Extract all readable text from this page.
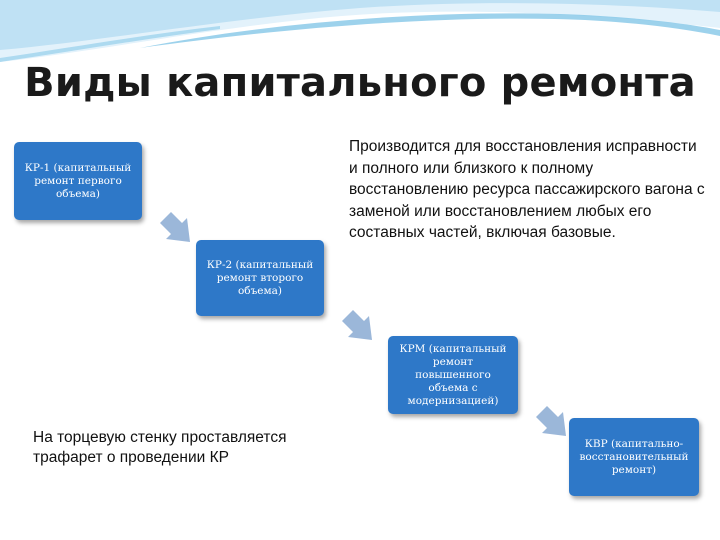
Виды капитального ремонта
КР-1 (капитальный ремонт первого объема)
КР-2 (капитальный ремонт второго объема)
КРМ (капитальный ремонт повышенного объема с модернизацией)
КВР (капитально-восстановительный ремонт)
Производится для восстановления исправности и полного или близкого к полному восстановлению ресурса пассажирского вагона с заменой или восстановлением любых его составных частей, включая базовые.
На торцевую стенку проставляется трафарет о проведении КР
